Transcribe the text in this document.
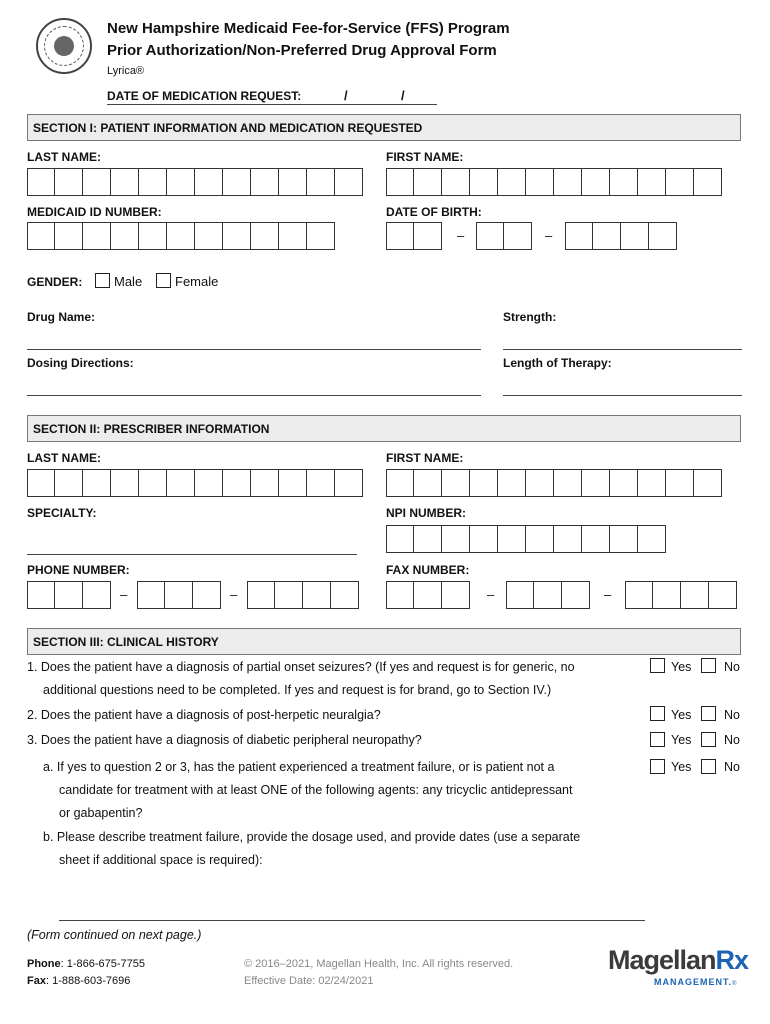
New Hampshire Medicaid Fee-for-Service (FFS) Program
Prior Authorization/Non-Preferred Drug Approval Form
Lyrica®
DATE OF MEDICATION REQUEST:	/	/
SECTION I: PATIENT INFORMATION AND MEDICATION REQUESTED
LAST NAME:	FIRST NAME:
MEDICAID ID NUMBER:	DATE OF BIRTH:
–	–
GENDER: Male	Female
Drug Name:	Strength:
Dosing Directions:	Length of Therapy:
SECTION II: PRESCRIBER INFORMATION
LAST NAME:	FIRST NAME:
SPECIALTY:	NPI NUMBER:
PHONE NUMBER:	FAX NUMBER:
–	–	–	–
SECTION III: CLINICAL HISTORY
1. Does the patient have a diagnosis of partial onset seizures? (If yes and request is for generic, no
additional questions need to be completed. If yes and request is for brand, go to Section IV.)
Yes	No
2. Does the patient have a diagnosis of post-herpetic neuralgia?	Yes	No
3. Does the patient have a diagnosis of diabetic peripheral neuropathy?	Yes	No
a. If yes to question 2 or 3, has the patient experienced a treatment failure, or is patient not a
candidate for treatment with at least ONE of the following agents: any tricyclic antidepressant
or gabapentin?
Yes	No
b. Please describe treatment failure, provide the dosage used, and provide dates (use a separate
sheet if additional space is required):
(Form continued on next page.)
Phone: 1-866-675-7755
Fax: 1-888-603-7696
© 2016–2021, Magellan Health, Inc. All rights reserved.
Effective Date: 02/24/2021
MagellanRx
MANAGEMENT.®
